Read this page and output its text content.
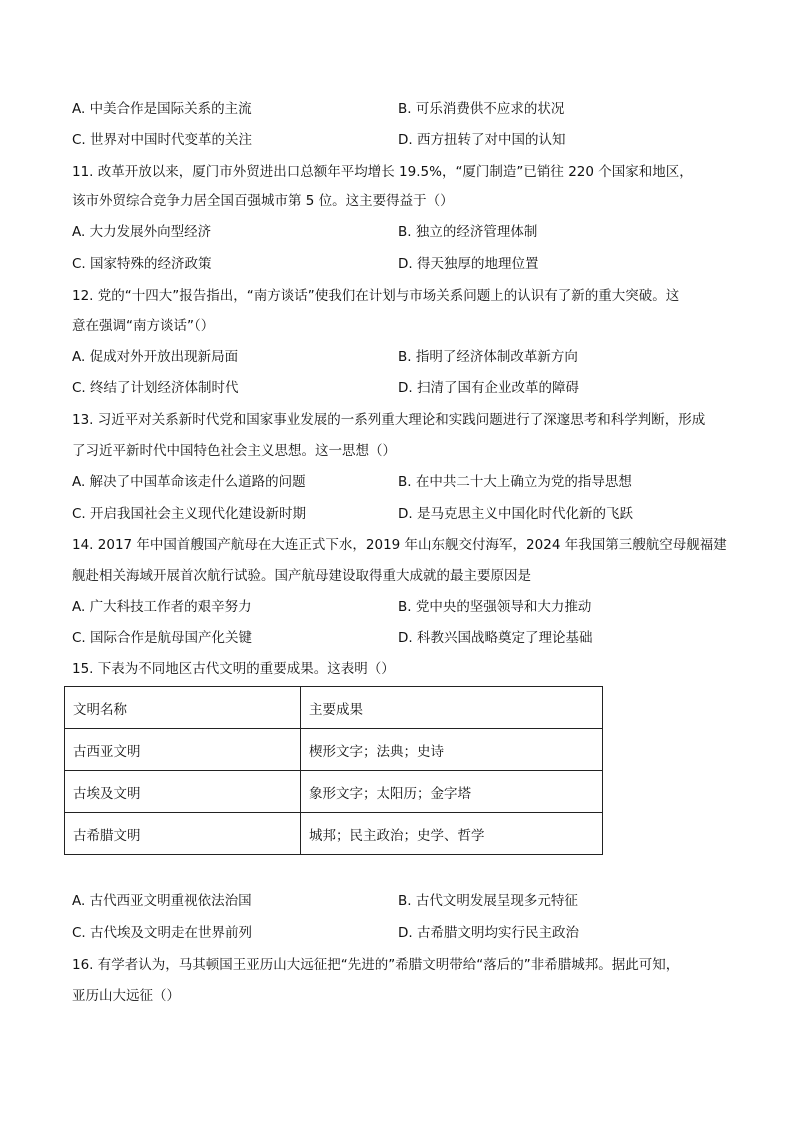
A. 中美合作是国际关系的主流	B. 可乐消费供不应求的状况
C. 世界对中国时代变革的关注	D. 西方扭转了对中国的认知
11. 改革开放以来，厦门市外贸进出口总额年平均增长 19.5%，“厦门制造”已销往 220 个国家和地区，
该市外贸综合竞争力居全国百强城市第 5 位。这主要得益于（）
A. 大力发展外向型经济	B. 独立的经济管理体制
C. 国家特殊的经济政策	D. 得天独厚的地理位置
12. 党的“十四大”报告指出，“南方谈话”使我们在计划与市场关系问题上的认识有了新的重大突破。这
意在强调“南方谈话”（）
A. 促成对外开放出现新局面	B. 指明了经济体制改革新方向
C. 终结了计划经济体制时代	D. 扫清了国有企业改革的障碍
13. 习近平对关系新时代党和国家事业发展的一系列重大理论和实践问题进行了深邃思考和科学判断，形成
了习近平新时代中国特色社会主义思想。这一思想（）
A. 解决了中国革命该走什么道路的问题	B. 在中共二十大上确立为党的指导思想
C. 开启我国社会主义现代化建设新时期	D. 是马克思主义中国化时代化新的飞跃
14. 2017 年中国首艘国产航母在大连正式下水，2019 年山东舰交付海军，2024 年我国第三艘航空母舰福建
舰赴相关海域开展首次航行试验。国产航母建设取得重大成就的最主要原因是
A. 广大科技工作者的艰辛努力	B. 党中央的坚强领导和大力推动
C. 国际合作是航母国产化关键	D. 科教兴国战略奠定了理论基础
15. 下表为不同地区古代文明的重要成果。这表明（）
文明名称	主要成果
古西亚文明	楔形文字；法典；史诗
古埃及文明	象形文字；太阳历；金字塔
古希腊文明	城邦；民主政治；史学、哲学
A. 古代西亚文明重视依法治国	B. 古代文明发展呈现多元特征
C. 古代埃及文明走在世界前列	D. 古希腊文明均实行民主政治
16. 有学者认为，马其顿国王亚历山大远征把“先进的”希腊文明带给“落后的”非希腊城邦。据此可知，
亚历山大远征（）
